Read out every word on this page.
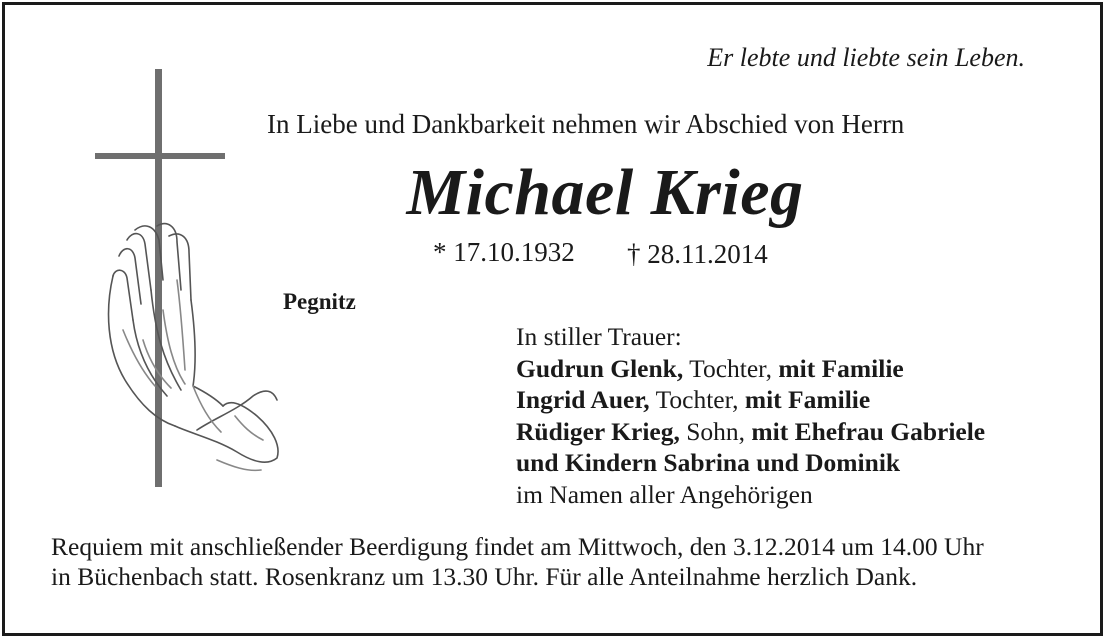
Er lebte und liebte sein Leben.
In Liebe und Dankbarkeit nehmen wir Abschied von Herrn
Michael Krieg
* 17.10.1932 † 28.11.2014
Pegnitz
In stiller Trauer:
Gudrun Glenk, Tochter, mit Familie
Ingrid Auer, Tochter, mit Familie
Rüdiger Krieg, Sohn, mit Ehefrau Gabriele
und Kindern Sabrina und Dominik
im Namen aller Angehörigen
Requiem mit anschließender Beerdigung findet am Mittwoch, den 3.12.2014 um 14.00 Uhr
in Büchenbach statt. Rosenkranz um 13.30 Uhr. Für alle Anteilnahme herzlich Dank.
